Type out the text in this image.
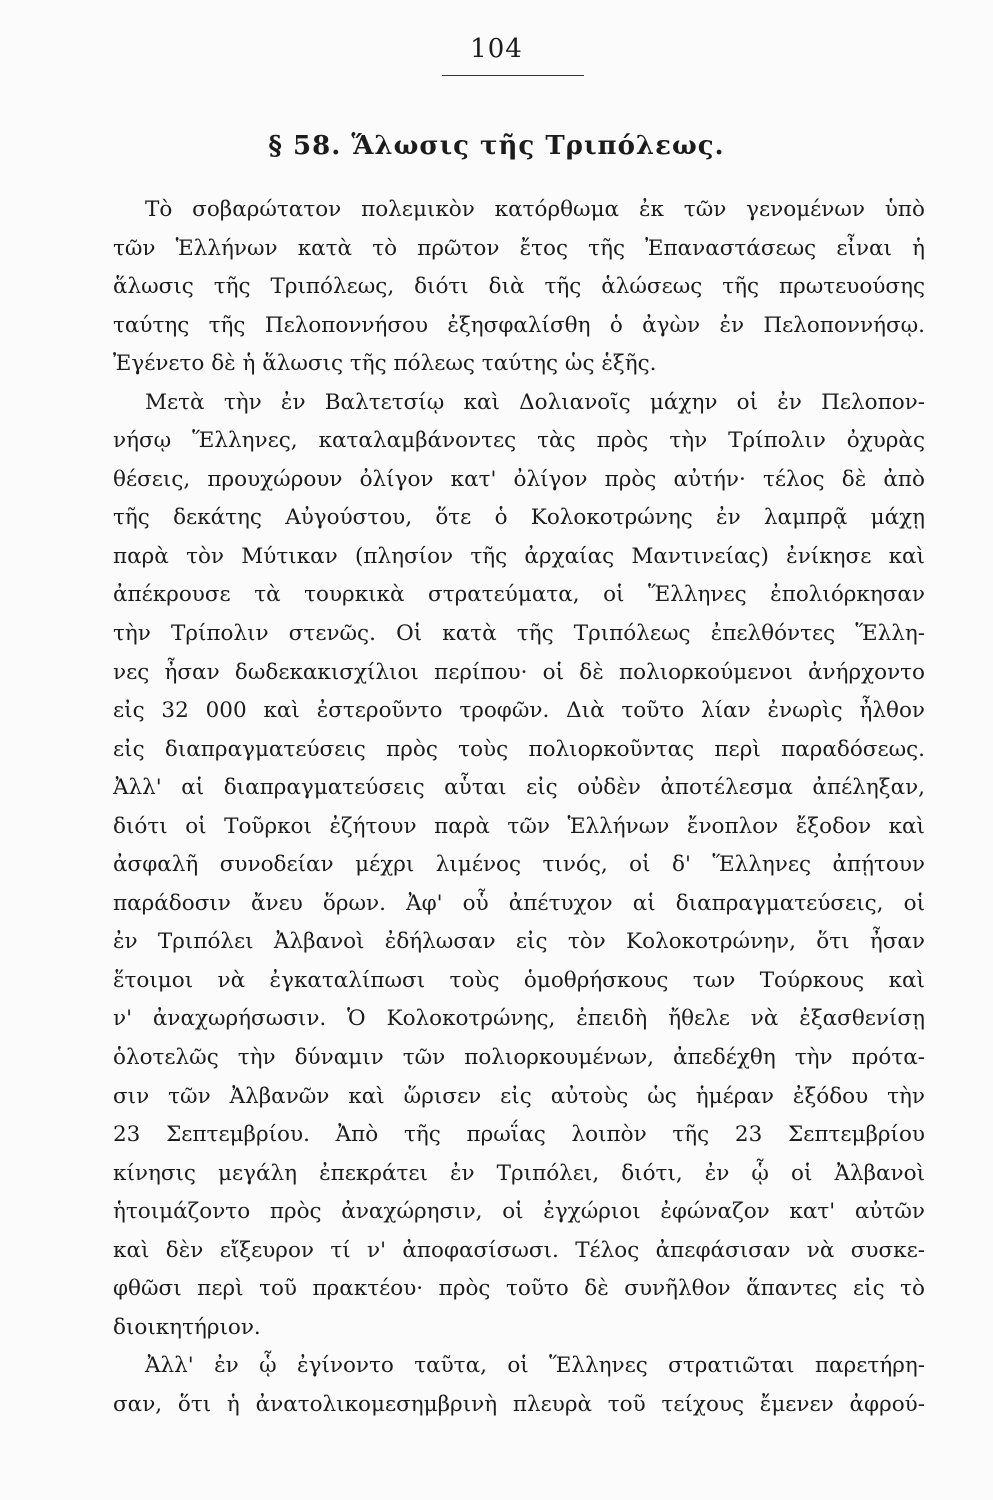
104
§ 58. Ἅλωσις τῆς Τριπόλεως.
Τὸ σοβαρώτατον πολεμικὸν κατόρθωμα ἐκ τῶν γενομένων ὑπὸ
τῶν Ἑλλήνων κατὰ τὸ πρῶτον ἔτος τῆς Ἐπαναστάσεως εἶναι ἡ
ἅλωσις τῆς Τριπόλεως, διότι διὰ τῆς ἁλώσεως τῆς πρωτευούσης
ταύτης τῆς Πελοποννήσου ἐξησφαλίσθη ὁ ἀγὼν ἐν Πελοποννήσῳ.
Ἐγένετο δὲ ἡ ἅλωσις τῆς πόλεως ταύτης ὡς ἑξῆς.
Μετὰ τὴν ἐν Βαλτετσίῳ καὶ Δολιανοῖς μάχην οἱ ἐν Πελοπον-
νήσῳ Ἕλληνες, καταλαμβάνοντες τὰς πρὸς τὴν Τρίπολιν ὀχυρὰς
θέσεις, προυχώρουν ὀλίγον κατ' ὀλίγον πρὸς αὐτήν· τέλος δὲ ἀπὸ
τῆς δεκάτης Αὐγούστου, ὅτε ὁ Κολοκοτρώνης ἐν λαμπρᾷ μάχῃ
παρὰ τὸν Μύτικαν (πλησίον τῆς ἀρχαίας Μαντινείας) ἐνίκησε καὶ
ἀπέκρουσε τὰ τουρκικὰ στρατεύματα, οἱ Ἕλληνες ἐπολιόρκησαν
τὴν Τρίπολιν στενῶς. Οἱ κατὰ τῆς Τριπόλεως ἐπελθόντες Ἕλλη-
νες ἦσαν δωδεκακισχίλιοι περίπου· οἱ δὲ πολιορκούμενοι ἀνήρχοντο
εἰς 32 000 καὶ ἐστεροῦντο τροφῶν. Διὰ τοῦτο λίαν ἐνωρὶς ἦλθον
εἰς διαπραγματεύσεις πρὸς τοὺς πολιορκοῦντας περὶ παραδόσεως.
Ἀλλ' αἱ διαπραγματεύσεις αὗται εἰς οὐδὲν ἀποτέλεσμα ἀπέληξαν,
διότι οἱ Τοῦρκοι ἐζήτουν παρὰ τῶν Ἑλλήνων ἔνοπλον ἔξοδον καὶ
ἀσφαλῆ συνοδείαν μέχρι λιμένος τινός, οἱ δ' Ἕλληνες ἀπῄτουν
παράδοσιν ἄνευ ὅρων. Ἀφ' οὗ ἀπέτυχον αἱ διαπραγματεύσεις, οἱ
ἐν Τριπόλει Ἀλβανοὶ ἐδήλωσαν εἰς τὸν Κολοκοτρώνην, ὅτι ἦσαν
ἕτοιμοι νὰ ἐγκαταλίπωσι τοὺς ὁμοθρήσκους των Τούρκους καὶ
ν' ἀναχωρήσωσιν. Ὁ Κολοκοτρώνης, ἐπειδὴ ἤθελε νὰ ἐξασθενίσῃ
ὁλοτελῶς τὴν δύναμιν τῶν πολιορκουμένων, ἀπεδέχθη τὴν πρότα-
σιν τῶν Ἀλβανῶν καὶ ὥρισεν εἰς αὐτοὺς ὡς ἡμέραν ἐξόδου τὴν
23 Σεπτεμβρίου. Ἀπὸ τῆς πρωΐας λοιπὸν τῆς 23 Σεπτεμβρίου
κίνησις μεγάλη ἐπεκράτει ἐν Τριπόλει, διότι, ἐν ᾧ οἱ Ἀλβανοὶ
ἡτοιμάζοντο πρὸς ἀναχώρησιν, οἱ ἐγχώριοι ἐφώναζον κατ' αὐτῶν
καὶ δὲν εἴξευρον τί ν' ἀποφασίσωσι. Τέλος ἀπεφάσισαν νὰ συσκε-
φθῶσι περὶ τοῦ πρακτέου· πρὸς τοῦτο δὲ συνῆλθον ἅπαντες εἰς τὸ
διοικητήριον.
Ἀλλ' ἐν ᾧ ἐγίνοντο ταῦτα, οἱ Ἕλληνες στρατιῶται παρετήρη-
σαν, ὅτι ἡ ἀνατολικομεσημβρινὴ πλευρὰ τοῦ τείχους ἔμενεν ἀφρού-
